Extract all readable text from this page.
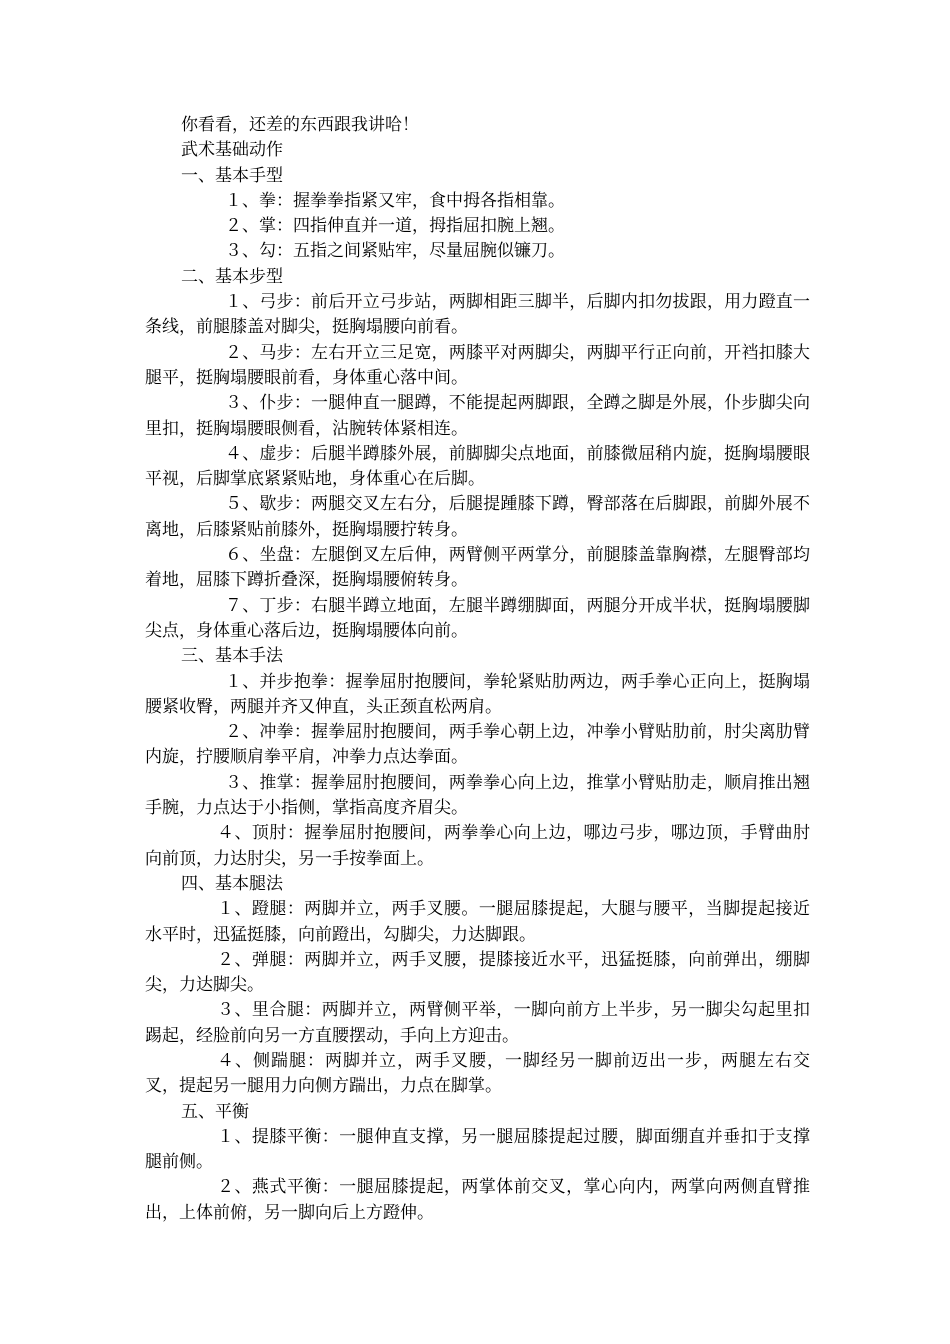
你看看，还差的东西跟我讲哈！

武术基础动作

一、基本手型

１、拳：握拳拳指紧又牢，食中拇各指相靠。

２、掌：四指伸直并一道，拇指屈扣腕上翘。

３、勾：五指之间紧贴牢，尽量屈腕似镰刀。

二、基本步型

１、弓步：前后开立弓步站，两脚相距三脚半，后脚内扣勿拔跟，用力蹬直一条线，前腿膝盖对脚尖，挺胸塌腰向前看。

２、马步：左右开立三足宽，两膝平对两脚尖，两脚平行正向前，开裆扣膝大腿平，挺胸塌腰眼前看，身体重心落中间。

３、仆步：一腿伸直一腿蹲，不能提起两脚跟，全蹲之脚是外展，仆步脚尖向里扣，挺胸塌腰眼侧看，沾腕转体紧相连。

４、虚步：后腿半蹲膝外展，前脚脚尖点地面，前膝微屈稍内旋，挺胸塌腰眼平视，后脚掌底紧紧贴地，身体重心在后脚。

５、歇步：两腿交叉左右分，后腿提踵膝下蹲，臀部落在后脚跟，前脚外展不离地，后膝紧贴前膝外，挺胸塌腰拧转身。

６、坐盘：左腿倒叉左后伸，两臂侧平两掌分，前腿膝盖靠胸襟，左腿臀部均着地，屈膝下蹲折叠深，挺胸塌腰俯转身。

７、丁步：右腿半蹲立地面，左腿半蹲绷脚面，两腿分开成半状，挺胸塌腰脚尖点，身体重心落后边，挺胸塌腰体向前。

三、基本手法

１、并步抱拳：握拳屈肘抱腰间，拳轮紧贴肋两边，两手拳心正向上，挺胸塌腰紧收臀，两腿并齐又伸直，头正颈直松两肩。

２、冲拳：握拳屈肘抱腰间，两手拳心朝上边，冲拳小臂贴肋前，肘尖离肋臂内旋，拧腰顺肩拳平肩，冲拳力点达拳面。

３、推掌：握拳屈肘抱腰间，两拳拳心向上边，推掌小臂贴肋走，顺肩推出翘手腕，力点达于小指侧，掌指高度齐眉尖。

４、顶肘：握拳屈肘抱腰间，两拳拳心向上边，哪边弓步，哪边顶，手臂曲肘向前顶，力达肘尖，另一手按拳面上。

四、基本腿法

１、蹬腿：两脚并立，两手叉腰。一腿屈膝提起，大腿与腰平，当脚提起接近水平时，迅猛挺膝，向前蹬出，勾脚尖，力达脚跟。

２、弹腿：两脚并立，两手叉腰，提膝接近水平，迅猛挺膝，向前弹出，绷脚尖，力达脚尖。

３、里合腿：两脚并立，两臂侧平举，一脚向前方上半步，另一脚尖勾起里扣踢起，经脸前向另一方直腰摆动，手向上方迎击。

４、侧踹腿：两脚并立，两手叉腰，一脚经另一脚前迈出一步，两腿左右交叉，提起另一腿用力向侧方踹出，力点在脚掌。

五、平衡

１、提膝平衡：一腿伸直支撑，另一腿屈膝提起过腰，脚面绷直并垂扣于支撑腿前侧。

２、燕式平衡：一腿屈膝提起，两掌体前交叉，掌心向内，两掌向两侧直臂推出，上体前俯，另一脚向后上方蹬伸。
